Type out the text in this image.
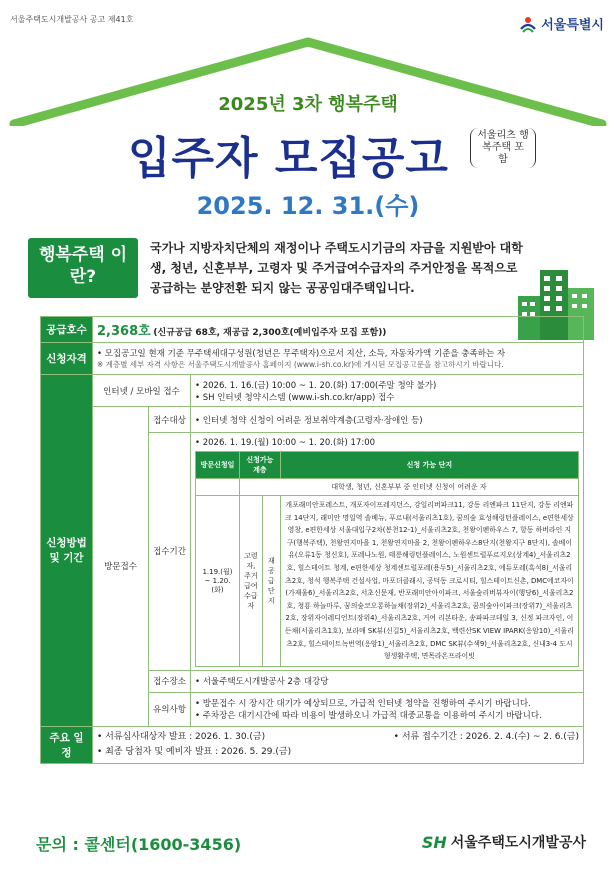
서울주택도시개발공사 공고 제41호	서울특별시
2025년 3차 행복주택
입주자 모집공고	서울리츠 행복주택 포 함
2025. 12. 31.(수)
행복주택 이란?
국가나 지방자치단체의 재정이나 주택도시기금의 자금을 지원받아 대학생, 청년, 신혼부부, 고령자 및 주거급여수급자의 주거안정을 목적으로 공급하는 분양전환 되지 않는 공공임대주택입니다.
공급호수	2,368호 (신규공급 68호, 재공급 2,300호(예비입주자 모집 포함))
신청자격	• 모집공고일 현재 기준 무주택세대구성원(청년은 무주택자)으로서 지산, 소득, 자동차가액 기준을 충족하는 자
※ 계층별 세부 자격 사항은 서울주택도시개발공사 홈페이지 (www.i-sh.co.kr)에 게시된 모집공고문을 참고하시기 바랍니다.

신청방법 및 기간	인터넷 / 모바일 접수	
• 2026. 1. 16.(금) 10:00 ~ 1. 20.(화) 17:00(주말 청약 불가)
• SH 인터넷 청약시스템 (www.i-sh.co.kr/app) 접수

방문접수	접수대상	• 인터넷 청약 신청이 어려운 정보취약계층(고령자·장애인 등)
접수기간	
• 2026. 1. 19.(월) 10:00 ~ 1. 20.(화) 17:00
방문신청일	신청가능 계층	신청 가능 단지
	대학생, 청년, 신혼부부 중 인터넷 신청이 어려운 자
1.19.(월) ~ 1.20.(화)	고령자, 주거급여 수급자	재공급 단지	개포래미안포레스트, 개포자이프레지던스, 강일리버파크11, 강동 리엔파크 11단지, 강동 리엔파크 14단지, 래미안 명일역 솔베뉴, 푸르내(서울리츠1호), 꿈의숲 효성해링턴플레이스, e편한세상 영창, e편한세상 서울대입구2차(봉천12-1)_서울리츠2호, 천왕이펜하우스 7, 항동 하버라인 지구(행복주택), 천왕연지마을 1, 천왕연지마을 2, 천왕이펜하우스8단지(천왕지구 8단지), 솔베이유(오류1동 청신호), 포레나노원, 태릉해링턴플레이스, 노원센트럴푸르지오(상계4)_서울리츠2호, 힐스테이트 청계, e편한세상 청계센트럴포레(용두5)_서울리츠2호, 에듀포레(흑석8)_서울리츠2호, 청석 행복주택 건설사업, 마포더클래시, 공덕동 크로시티, 힐스테이트신촌, DMC에코자이(가재울6)_서울리츠2호, 서초신문재, 반포래미안아이파크, 서울숲리버뷰자이(행당6)_서울리츠2호, 청룡 하늘마루, 꿈의숲코오롱하늘채(장위2)_서울리츠2호, 꿈의숲아이파크(장위7)_서울리츠2호, 장위자이레디언트(장위4)_서울리츠2호, 거여 리본타운, 송파파크데일 3, 신정 파크자인, 이든채(서울리츠1호), 보라매 SK뷰(신길5)_서울리츠2호, 백련산SK VIEW IPARK(응암10)_서울리츠2호, 힐스테이트녹번역(응암1)_서울리츠2호, DMC SK뷰(수색9)_서울리츠2호, 신내3-4 도시형생활주택, 면목라온프라이빗

접수장소	• 서울주택도시개발공사 2층 대강당
유의사항	
• 방문접수 시 장시간 대기가 예상되므로, 가급적 인터넷 청약을 진행하여 주시기 바랍니다.
• 주차장은 대기시간에 따라 비용이 발생하오니 가급적 대중교통을 이용하여 주시기 바랍니다.

주요 일정	
• 서류심사대상자 발표 : 2026. 1. 30.(금)	• 서류 접수기간 : 2026. 2. 4.(수) ~ 2. 6.(금)
• 최종 당첨자 및 예비자 발표 : 2026. 5. 29.(금)
문의 : 콜센터(1600-3456)	SH 서울주택도시개발공사
